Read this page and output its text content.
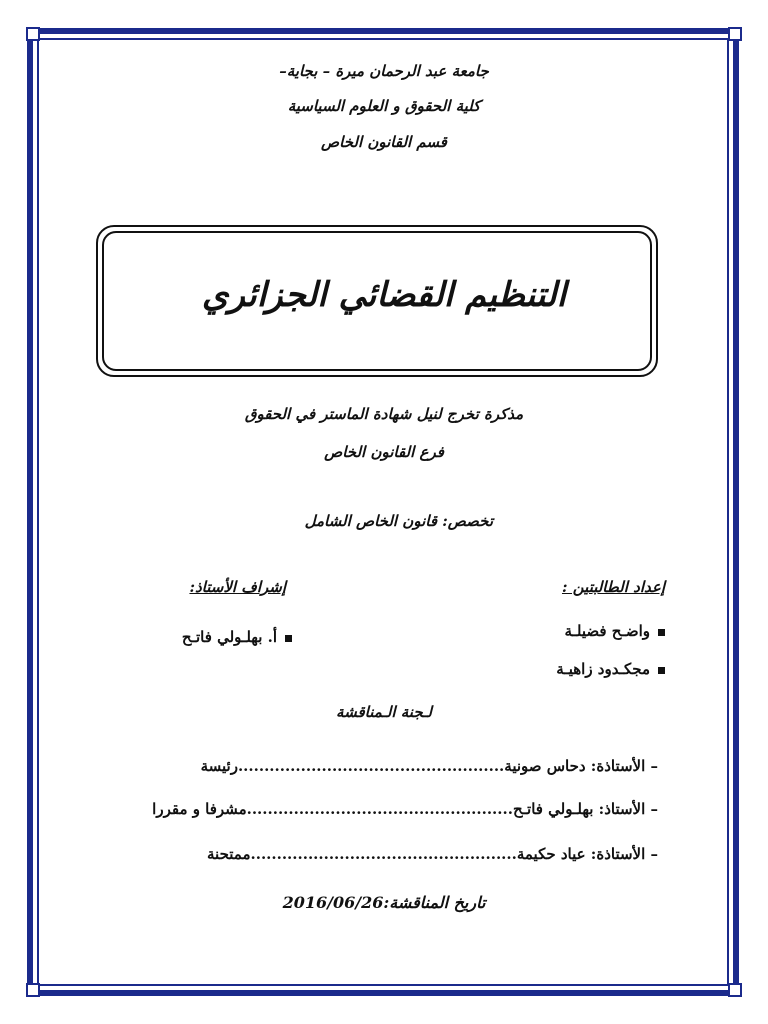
جامعة عبد الرحمان ميرة – بجاية–
كلية الحقوق و العلوم السياسية
قسم القانون الخاص
التنظيم القضائي الجزائري
مذكرة تخرج لنيل شهادة الماستر في الحقوق
فرع القانون الخاص
تخصص: قانون الخاص الشامل
إعداد الطالبتين :
إشراف الأستاذ:
واضـح فضيلـة
مجكـدود زاهيـة
أ. بهلـولي فاتـح
لـجنة الـمناقشة
– الأستاذة: دحاس صونية...................................................رئيسة
– الأستاذ: بهلـولي فاتـح...................................................مشرفا و مقررا
– الأستاذة: عياد حكيمة...................................................ممتحنة
تاريخ المناقشة:2016/06/26
